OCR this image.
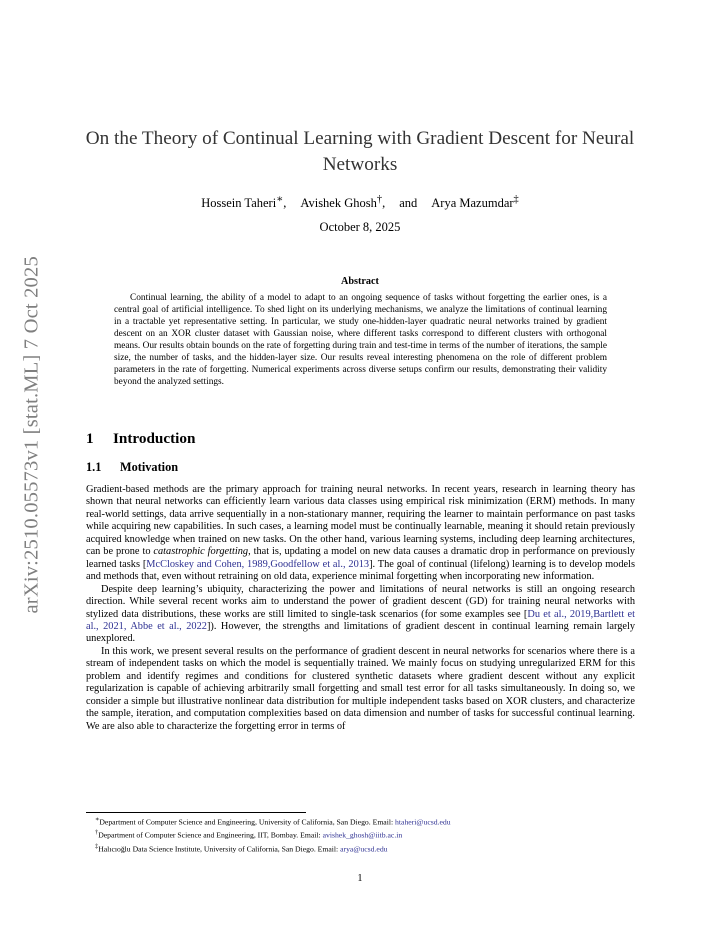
arXiv:2510.05573v1 [stat.ML] 7 Oct 2025
On the Theory of Continual Learning with Gradient Descent for Neural Networks
Hossein Taheri∗, Avishek Ghosh†, and Arya Mazumdar‡
October 8, 2025
Abstract
Continual learning, the ability of a model to adapt to an ongoing sequence of tasks without forgetting the earlier ones, is a central goal of artificial intelligence. To shed light on its underlying mechanisms, we analyze the limitations of continual learning in a tractable yet representative setting. In particular, we study one-hidden-layer quadratic neural networks trained by gradient descent on an XOR cluster dataset with Gaussian noise, where different tasks correspond to different clusters with orthogonal means. Our results obtain bounds on the rate of forgetting during train and test-time in terms of the number of iterations, the sample size, the number of tasks, and the hidden-layer size. Our results reveal interesting phenomena on the role of different problem parameters in the rate of forgetting. Numerical experiments across diverse setups confirm our results, demonstrating their validity beyond the analyzed settings.
1 Introduction
1.1 Motivation

Gradient-based methods are the primary approach for training neural networks. In recent years, research in learning theory has shown that neural networks can efficiently learn various data classes using empirical risk minimization (ERM) methods. In many real-world settings, data arrive sequentially in a non-stationary manner, requiring the learner to maintain performance on past tasks while acquiring new capabilities. In such cases, a learning model must be continually learnable, meaning it should retain previously acquired knowledge when trained on new tasks. On the other hand, various learning systems, including deep learning architectures, can be prone to catastrophic forgetting, that is, updating a model on new data causes a dramatic drop in performance on previously learned tasks [McCloskey and Cohen, 1989,Goodfellow et al., 2013]. The goal of continual (lifelong) learning is to develop models and methods that, even without retraining on old data, experience minimal forgetting when incorporating new information.

Despite deep learning’s ubiquity, characterizing the power and limitations of neural networks is still an ongoing research direction. While several recent works aim to understand the power of gradient descent (GD) for training neural networks with stylized data distributions, these works are still limited to single-task scenarios (for some examples see [Du et al., 2019,Bartlett et al., 2021, Abbe et al., 2022]). However, the strengths and limitations of gradient descent in continual learning remain largely unexplored.

In this work, we present several results on the performance of gradient descent in neural networks for scenarios where there is a stream of independent tasks on which the model is sequentially trained. We mainly focus on studying unregularized ERM for this problem and identify regimes and conditions for clustered synthetic datasets where gradient descent without any explicit regularization is capable of achieving arbitrarily small forgetting and small test error for all tasks simultaneously. In doing so, we consider a simple but illustrative nonlinear data distribution for multiple independent tasks based on XOR clusters, and characterize the sample, iteration, and computation complexities based on data dimension and number of tasks for successful continual learning. We are also able to characterize the forgetting error in terms of

∗Department of Computer Science and Engineering, University of California, San Diego. Email: htaheri@ucsd.edu
†Department of Computer Science and Engineering, IIT, Bombay. Email: avishek_ghosh@iitb.ac.in
‡Halıcıoğlu Data Science Institute, University of California, San Diego. Email: arya@ucsd.edu
1
